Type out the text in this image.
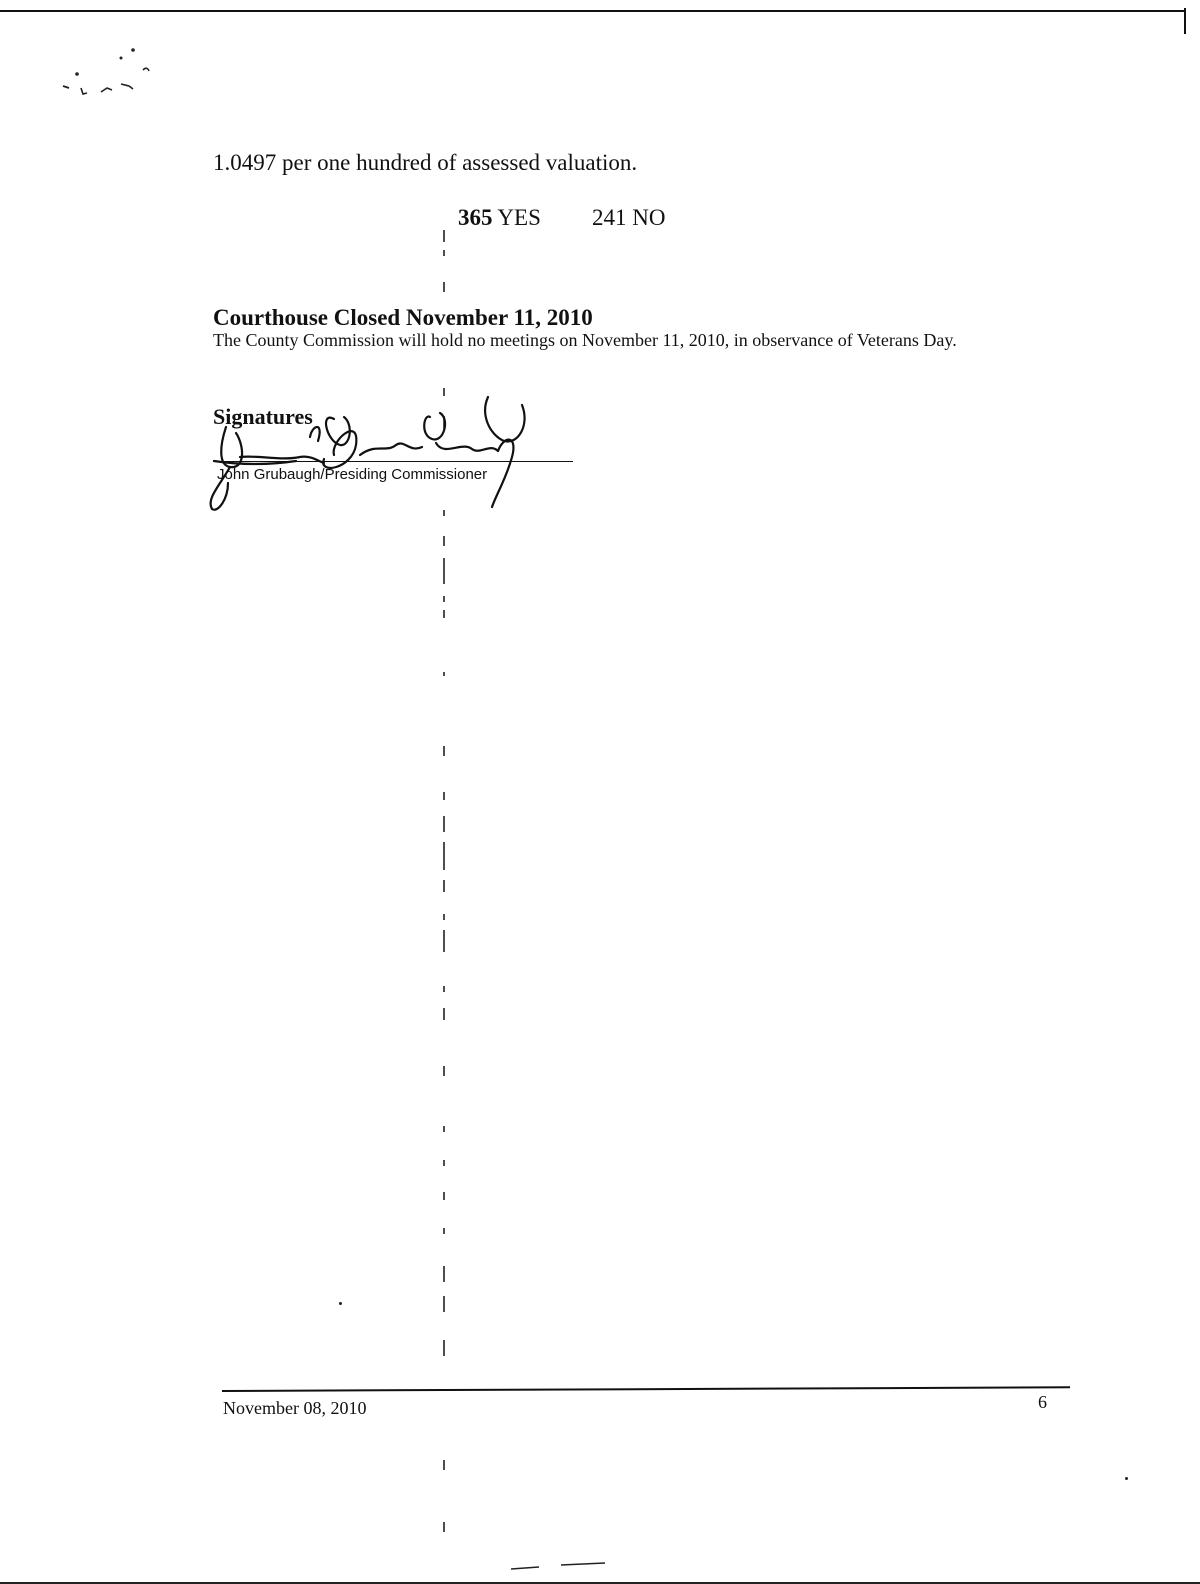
1.0497 per one hundred of assessed valuation.
365 YES 241 NO
Courthouse Closed November 11, 2010
The County Commission will hold no meetings on November 11, 2010, in observance of Veterans Day.
Signatures
John Grubaugh/Presiding Commissioner
November 08, 2010	6
